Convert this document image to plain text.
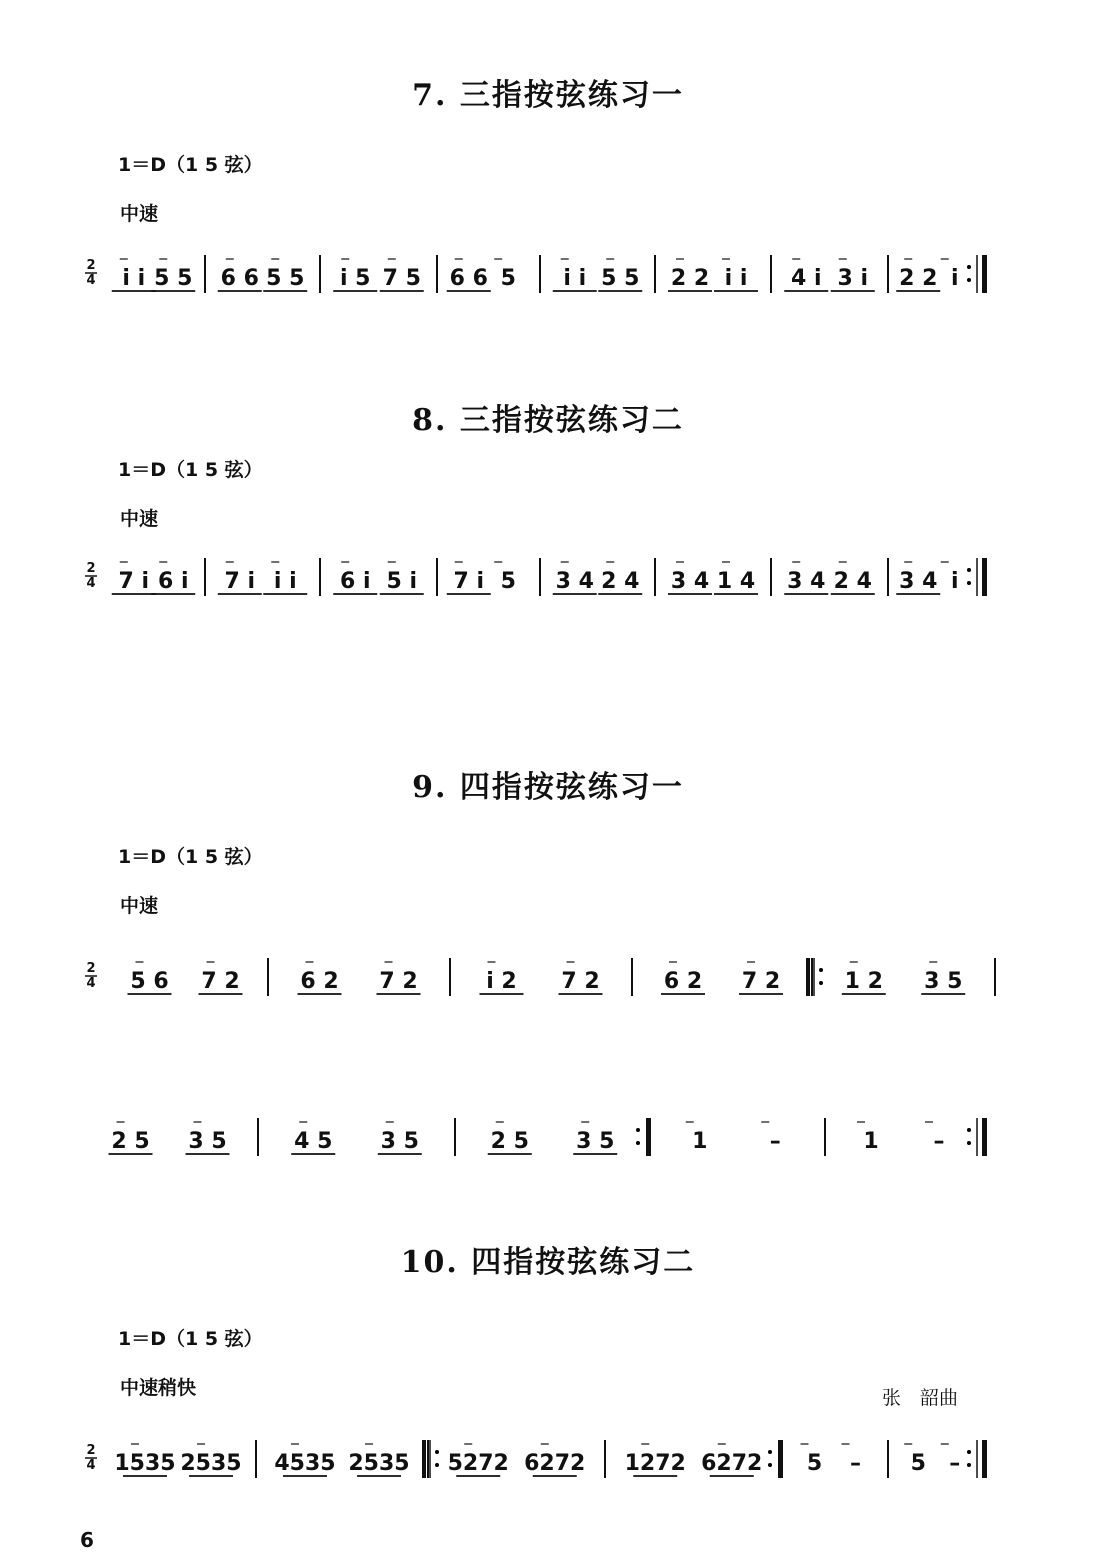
6
7. 三指按弦练习一
1＝D（1 5 弦）
中速
8. 三指按弦练习二
1＝D（1 5 弦）
中速
9. 四指按弦练习一
1＝D（1 5 弦）
中速
10. 四指按弦练习二
1＝D（1 5 弦）
中速稍快	张　韶曲
2
4 i i 5 5 6 6 5 5 i 5 7 5 6 6 5 i i 5 5 2 2 i i 4 i 3 i 2 2 i
2
4 7 i 6 i 7 i i i 6 i 5 i 7 i 5 3 4 2 4 3 4 1 4 3 4 2 4 3 4 i
2
4 5 6 7 2	6 2 7 2	i 2 7 2	6 2 7 2	1 2 3 5
2 5 3 5	4 5 3 5	2 5 3 5	1	–	1 –
2
4 1535 2535 4535 2535 5272 6272 1272 6272 5 – 5 –
